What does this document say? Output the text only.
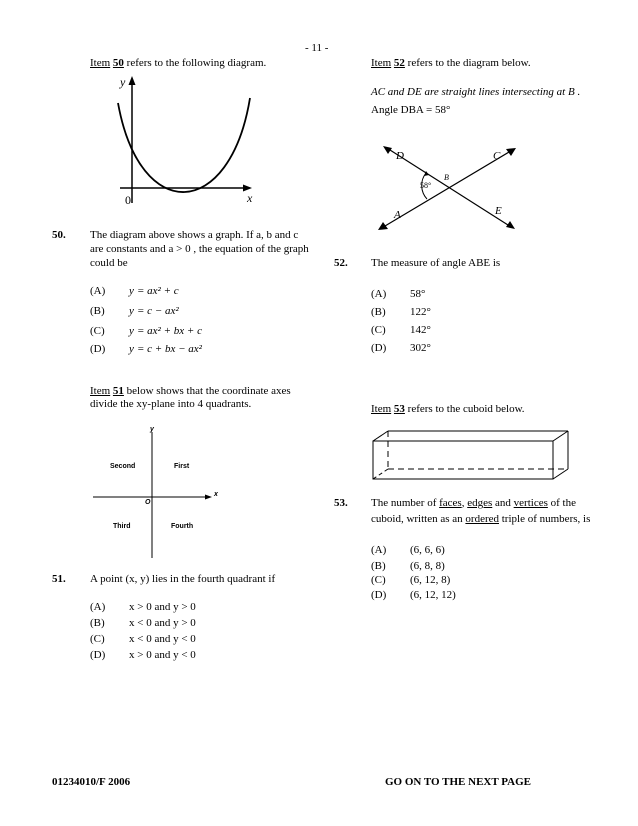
- 11 -
Item 50 refers to the following diagram.
y
x
0
50. The diagram above shows a graph. If a, b and c
are constants and a > 0 , the equation of the graph
could be
(A) y = ax² + c
(B) y = c − ax²
(C) y = ax² + bx + c
(D) y = c + bx − ax²
Item 51 below shows that the coordinate axes
divide the xy-plane into 4 quadrants.
y
x
O
Second	First
Third	Fourth
51. A point (x, y) lies in the fourth quadrant if
(A) x > 0 and y > 0
(B) x < 0 and y > 0
(C) x < 0 and y < 0
(D) x > 0 and y < 0
Item 52 refers to the diagram below.
AC and DE are straight lines intersecting at B .
Angle DBA = 58°
D	C
B
58°
A	E
52. The measure of angle ABE is
(A) 58°
(B) 122°
(C) 142°
(D) 302°
Item 53 refers to the cuboid below.
53. The number of faces, edges and vertices of the
cuboid, written as an ordered triple of numbers, is
(A) (6, 6, 6)
(B) (6, 8, 8)
(C) (6, 12, 8)
(D) (6, 12, 12)
01234010/F 2006	GO ON TO THE NEXT PAGE
